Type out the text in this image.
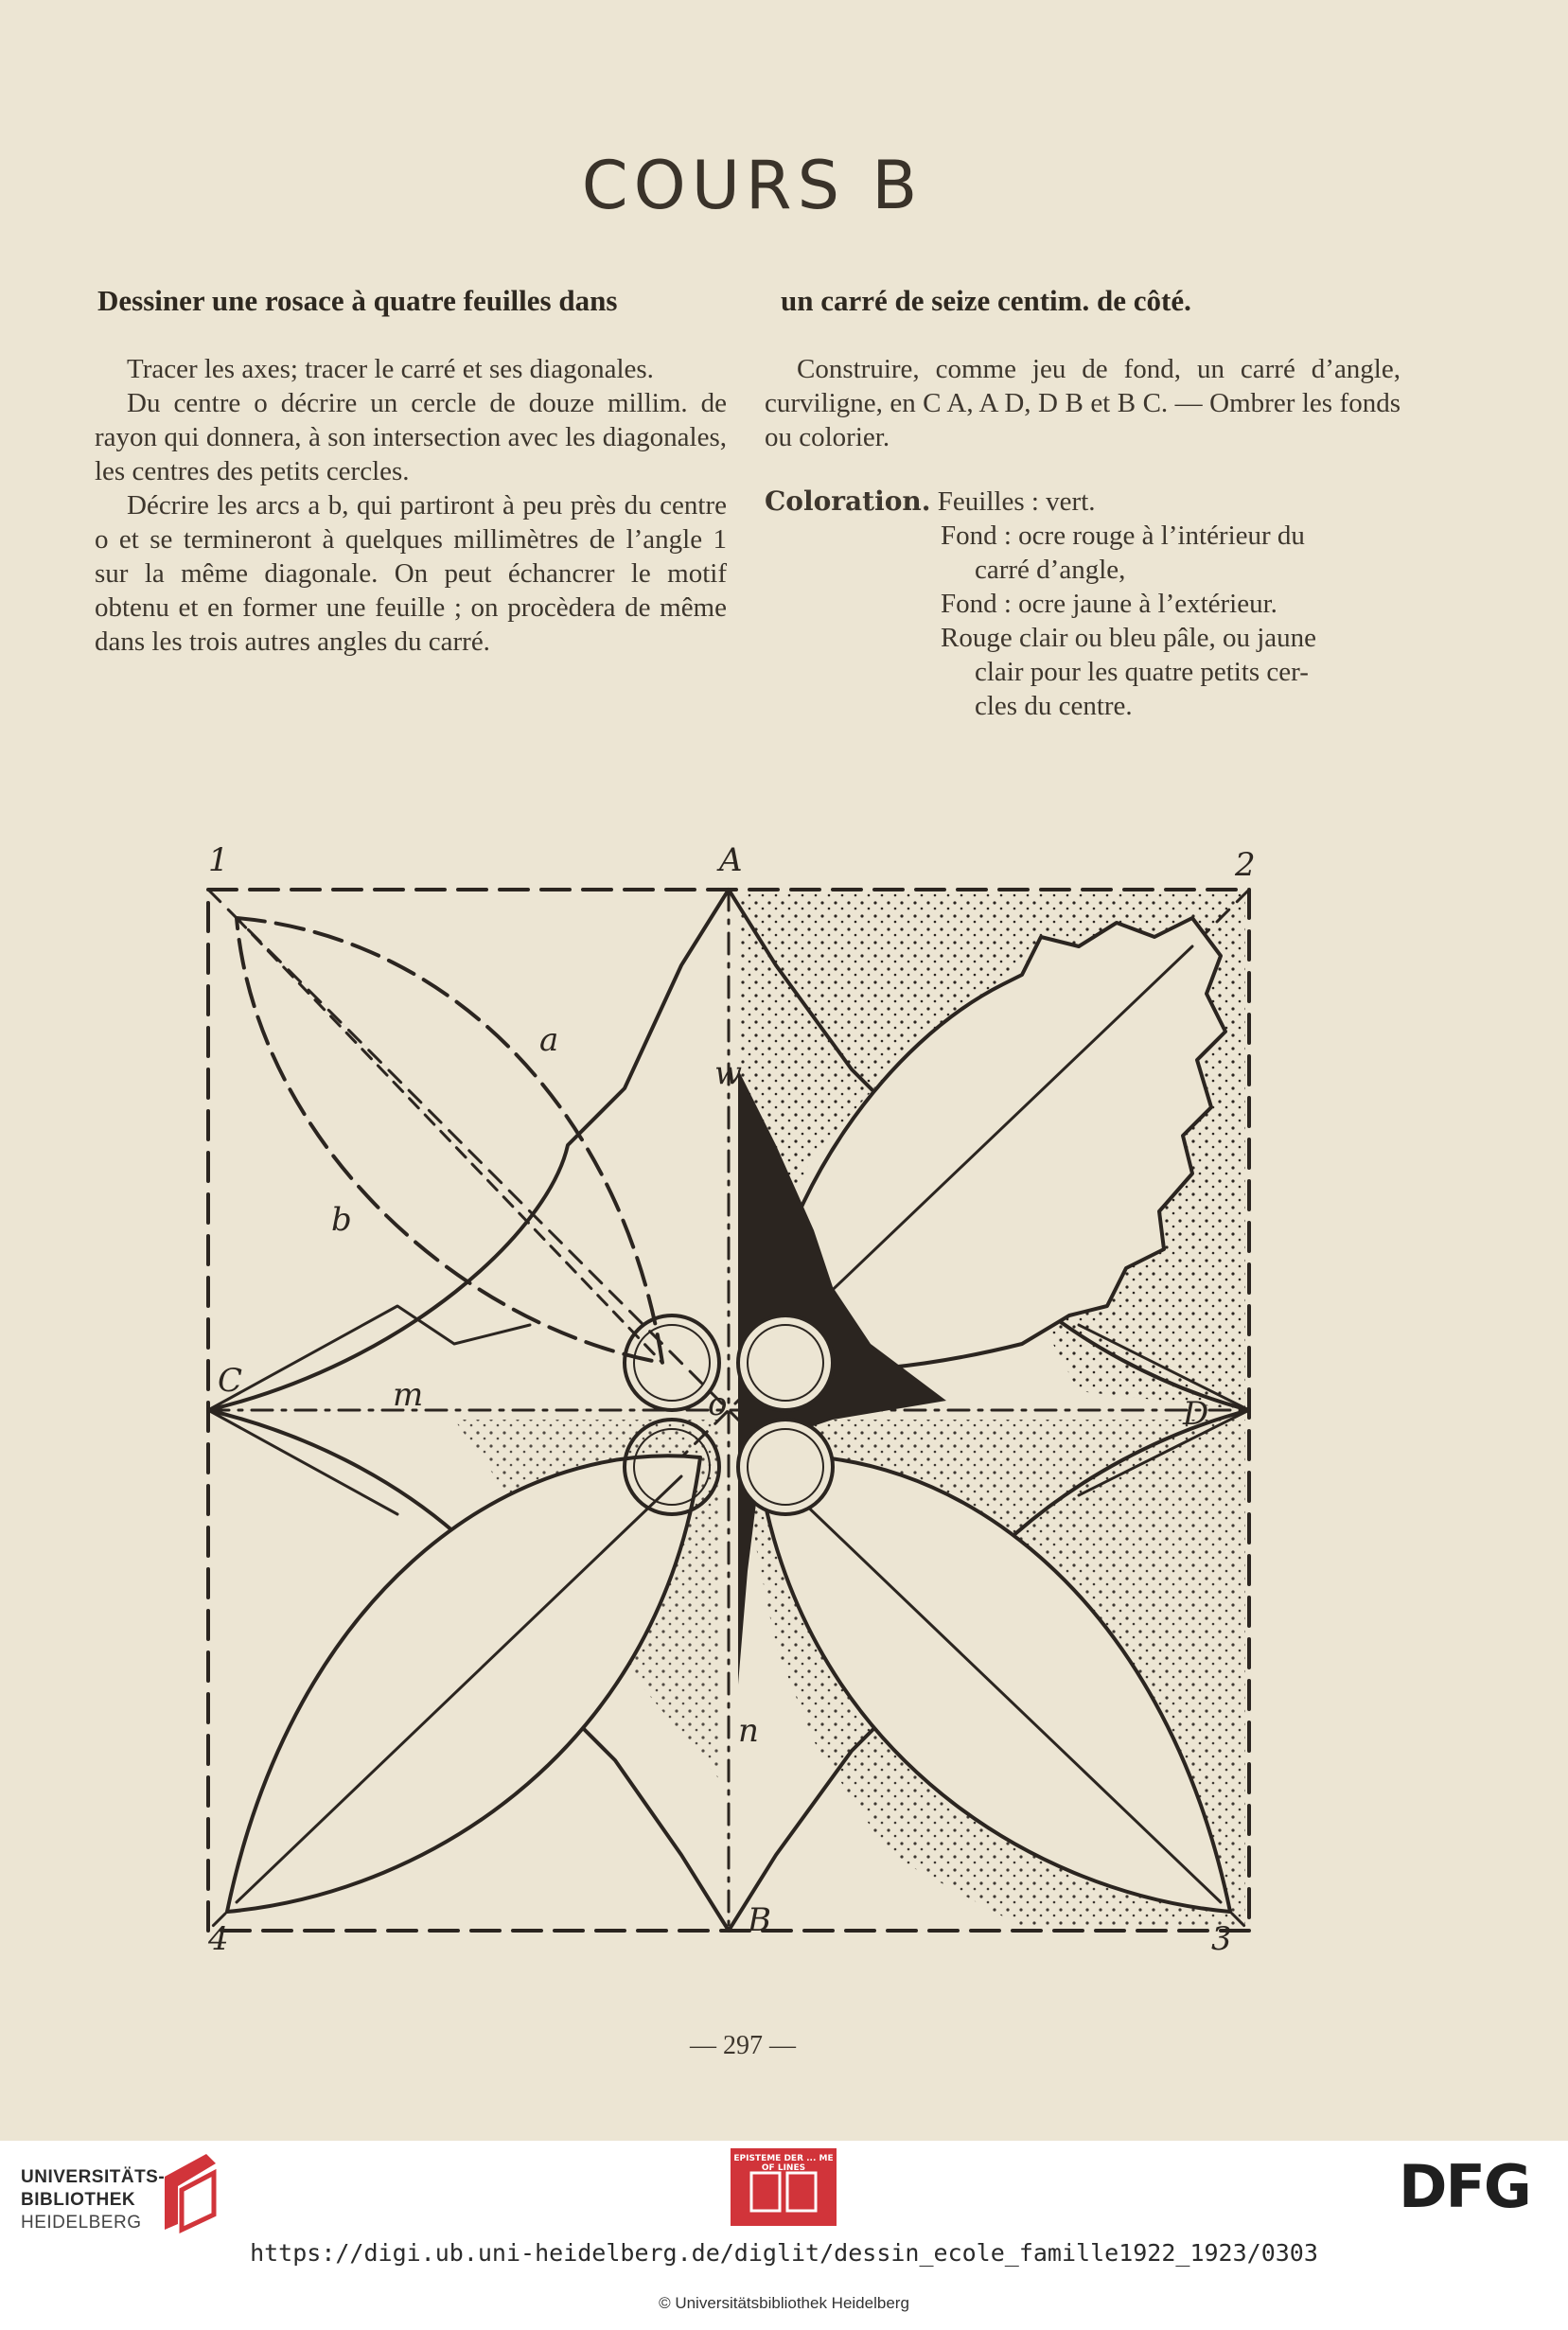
COURS B
Dessiner une rosace à quatre feuilles dans	un carré de seize centim. de côté.

Tracer les axes; tracer le carré et ses diagonales.

Du centre o décrire un cercle de douze millim. de rayon qui donnera, à son intersection avec les diagonales, les centres des petits cercles.

Décrire les arcs a b, qui partiront à peu près du centre o et se termineront à quelques millimètres de l’angle 1 sur la même diagonale. On peut échancrer le motif obtenu et en former une feuille ; on procèdera de même dans les trois autres angles du carré.

Construire, comme jeu de fond, un carré d’angle, curviligne, en C A, A D, D B et B C. — Ombrer les fonds ou colorier.

Coloration. Feuilles : vert.
Fond : ocre rouge à l’intérieur du
carré d’angle,
Fond : ocre jaune à l’extérieur.
Rouge clair ou bleu pâle, ou jaune
clair pour les quatre petits cer-
cles du centre.
1	2
3
4
A
B
C
D
a
b
o
m
n
w
— 297 —
UNIVERSITÄTS-
BIBLIOTHEK
HEIDELBERG
EPISTEME DER ... ME OF LINES	DFG
https://digi.ub.uni-heidelberg.de/diglit/dessin_ecole_famille1922_1923/0303
© Universitätsbibliothek Heidelberg
